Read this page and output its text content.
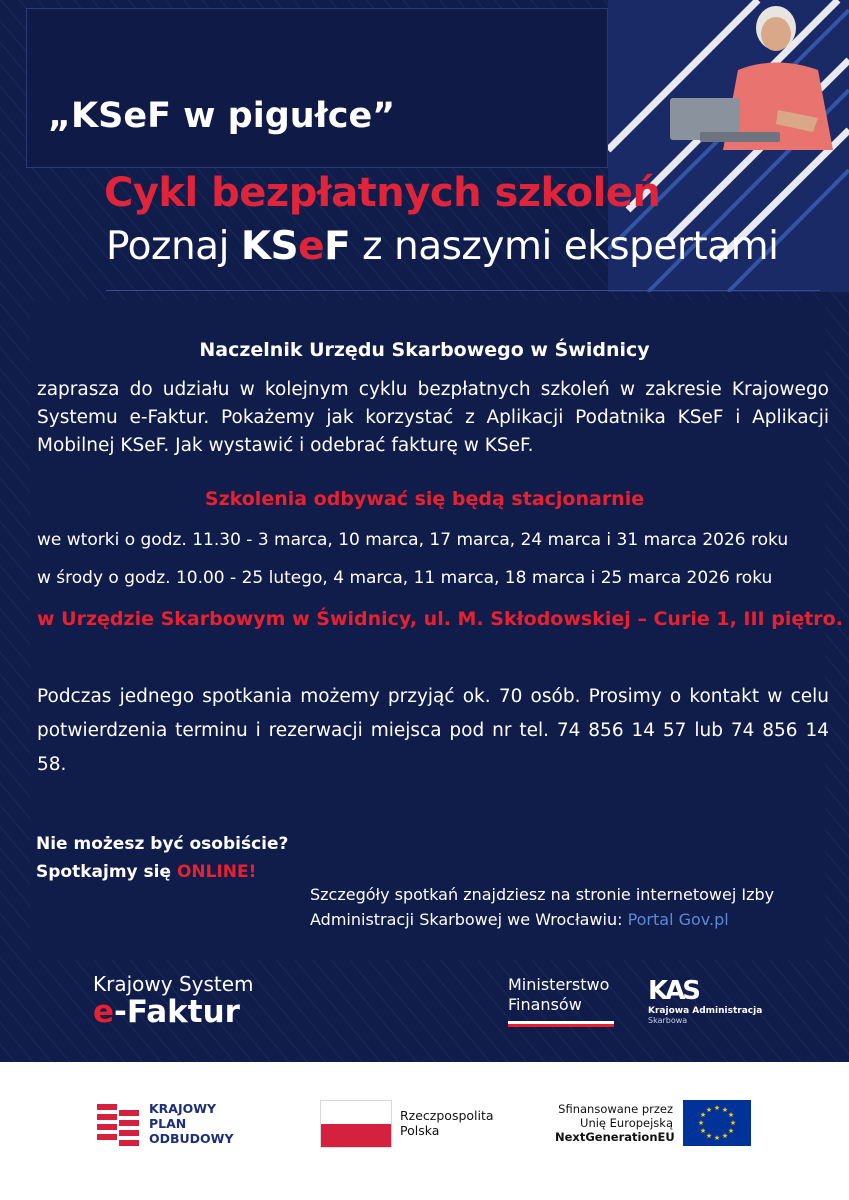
„KSeF w pigułce”
Cykl bezpłatnych szkoleń
Poznaj KSeF z naszymi ekspertami
Naczelnik Urzędu Skarbowego w Świdnicy
zaprasza do udziału w kolejnym cyklu bezpłatnych szkoleń w zakresie Krajowego Systemu e-Faktur. Pokażemy jak korzystać z Aplikacji Podatnika KSeF i Aplikacji Mobilnej KSeF. Jak wystawić i odebrać fakturę w KSeF.
Szkolenia odbywać się będą stacjonarnie
we wtorki o godz. 11.30 - 3 marca, 10 marca, 17 marca, 24 marca i 31 marca 2026 roku
w środy o godz. 10.00 - 25 lutego, 4 marca, 11 marca, 18 marca i 25 marca 2026 roku
w Urzędzie Skarbowym w Świdnicy, ul. M. Skłodowskiej – Curie 1, III piętro.
Podczas jednego spotkania możemy przyjąć ok. 70 osób. Prosimy o kontakt w celu potwierdzenia terminu i rezerwacji miejsca pod nr tel. 74 856 14 57 lub 74 856 14 58.
Nie możesz być osobiście?
Spotkajmy się ONLINE!
Szczegóły spotkań znajdziesz na stronie internetowej Izby Administracji Skarbowej we Wrocławiu: Portal Gov.pl
Krajowy System
e-Faktur
Ministerstwo
Finansów	KAS
Krajowa Administracja
Skarbowa
KRAJOWY
PLAN
ODBUDOWY
Rzeczpospolita
Polska
Sfinansowane przez
Unię Europejską
NextGenerationEU
★ ★
★
★
★
★
★
★
★
★
★
★
